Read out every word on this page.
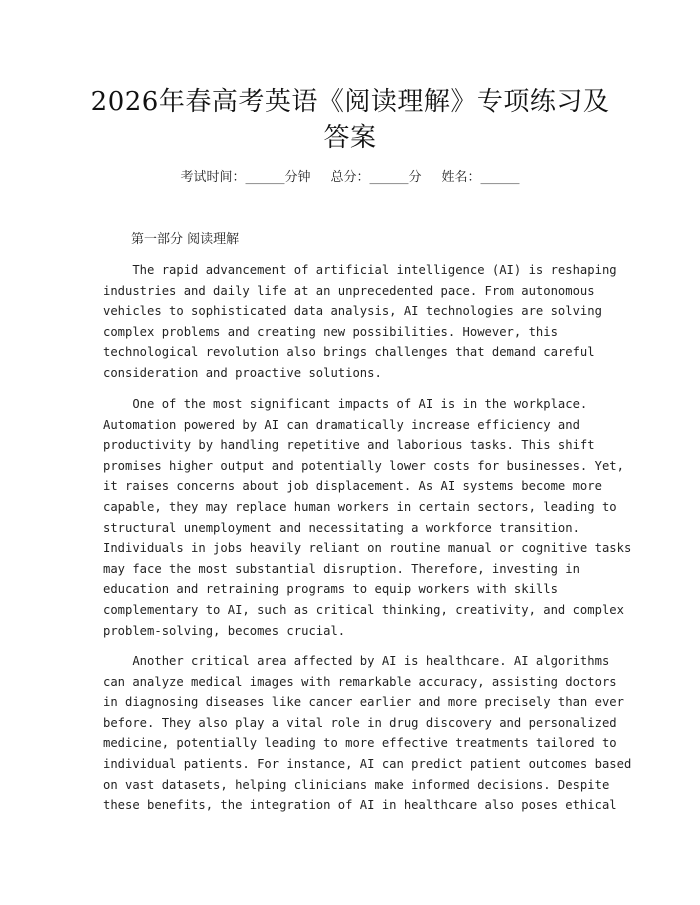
2026年春高考英语《阅读理解》专项练习及答案
考试时间：______分钟 总分：______分 姓名：______
第一部分 阅读理解
The rapid advancement of artificial intelligence (AI) is reshaping
industries and daily life at an unprecedented pace. From autonomous
vehicles to sophisticated data analysis, AI technologies are solving
complex problems and creating new possibilities. However, this
technological revolution also brings challenges that demand careful
consideration and proactive solutions.
One of the most significant impacts of AI is in the workplace.
Automation powered by AI can dramatically increase efficiency and
productivity by handling repetitive and laborious tasks. This shift
promises higher output and potentially lower costs for businesses. Yet,
it raises concerns about job displacement. As AI systems become more
capable, they may replace human workers in certain sectors, leading to
structural unemployment and necessitating a workforce transition.
Individuals in jobs heavily reliant on routine manual or cognitive tasks
may face the most substantial disruption. Therefore, investing in
education and retraining programs to equip workers with skills
complementary to AI, such as critical thinking, creativity, and complex
problem-solving, becomes crucial.
Another critical area affected by AI is healthcare. AI algorithms
can analyze medical images with remarkable accuracy, assisting doctors
in diagnosing diseases like cancer earlier and more precisely than ever
before. They also play a vital role in drug discovery and personalized
medicine, potentially leading to more effective treatments tailored to
individual patients. For instance, AI can predict patient outcomes based
on vast datasets, helping clinicians make informed decisions. Despite
these benefits, the integration of AI in healthcare also poses ethical
